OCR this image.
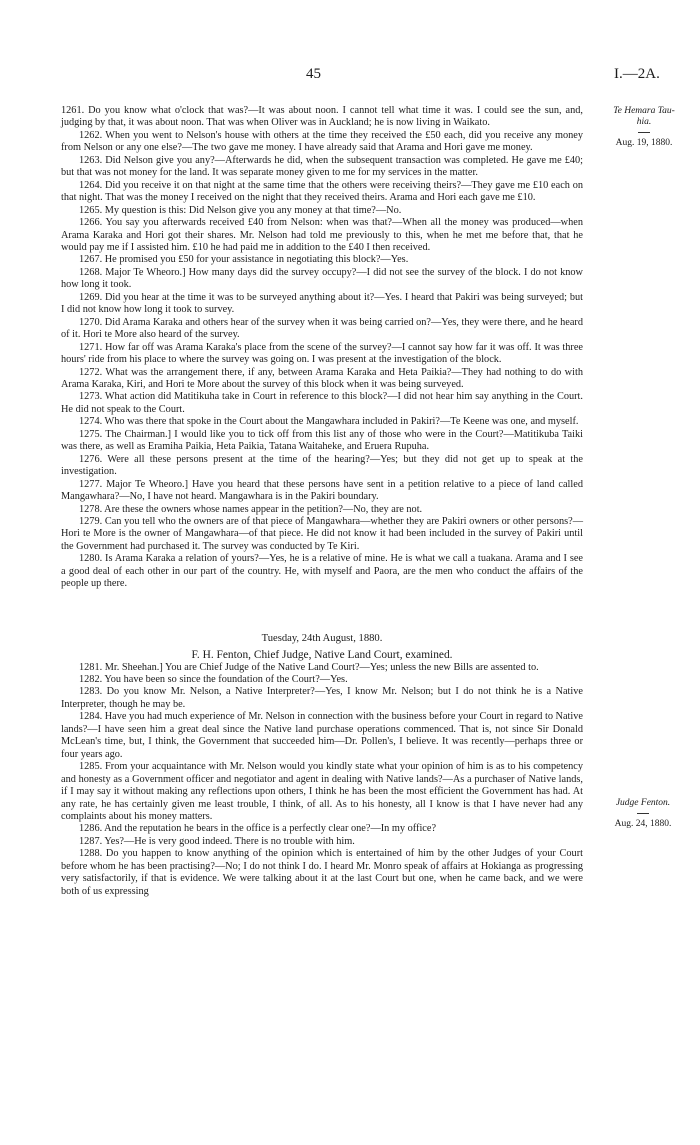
45	I.—2A.
Te Hemara Tau-
hia.
Aug. 19, 1880.
Judge Fenton.
Aug. 24, 1880.

1261. Do you know what o'clock that was?—It was about noon. I cannot tell what time it was. I could see the sun, and, judging by that, it was about noon. That was when Oliver was in Auckland; he is now living in Waikato.

1262. When you went to Nelson's house with others at the time they received the £50 each, did you receive any money from Nelson or any one else?—The two gave me money. I have already said that Arama and Hori gave me money.

1263. Did Nelson give you any?—Afterwards he did, when the subsequent transaction was completed. He gave me £40; but that was not money for the land. It was separate money given to me for my services in the matter.

1264. Did you receive it on that night at the same time that the others were receiving theirs?—They gave me £10 each on that night. That was the money I received on the night that they received theirs. Arama and Hori each gave me £10.

1265. My question is this: Did Nelson give you any money at that time?—No.

1266. You say you afterwards received £40 from Nelson: when was that?—When all the money was produced—when Arama Karaka and Hori got their shares. Mr. Nelson had told me previously to this, when he met me before that, that he would pay me if I assisted him. £10 he had paid me in addition to the £40 I then received.

1267. He promised you £50 for your assistance in negotiating this block?—Yes.

1268. Major Te Wheoro.] How many days did the survey occupy?—I did not see the survey of the block. I do not know how long it took.

1269. Did you hear at the time it was to be surveyed anything about it?—Yes. I heard that Pakiri was being surveyed; but I did not know how long it took to survey.

1270. Did Arama Karaka and others hear of the survey when it was being carried on?—Yes, they were there, and he heard of it. Hori te More also heard of the survey.

1271. How far off was Arama Karaka's place from the scene of the survey?—I cannot say how far it was off. It was three hours' ride from his place to where the survey was going on. I was present at the investigation of the block.

1272. What was the arrangement there, if any, between Arama Karaka and Heta Paikia?—They had nothing to do with Arama Karaka, Kiri, and Hori te More about the survey of this block when it was being surveyed.

1273. What action did Matitikuha take in Court in reference to this block?—I did not hear him say anything in the Court. He did not speak to the Court.

1274. Who was there that spoke in the Court about the Mangawhara included in Pakiri?—Te Keene was one, and myself.

1275. The Chairman.] I would like you to tick off from this list any of those who were in the Court?—Matitikuba Taiki was there, as well as Eramiha Paikia, Heta Paikia, Tatana Waitaheke, and Eruera Rupuha.

1276. Were all these persons present at the time of the hearing?—Yes; but they did not get up to speak at the investigation.

1277. Major Te Wheoro.] Have you heard that these persons have sent in a petition relative to a piece of land called Mangawhara?—No, I have not heard. Mangawhara is in the Pakiri boundary.

1278. Are these the owners whose names appear in the petition?—No, they are not.

1279. Can you tell who the owners are of that piece of Mangawhara—whether they are Pakiri owners or other persons?—Hori te More is the owner of Mangawhara—of that piece. He did not know it had been included in the survey of Pakiri until the Government had purchased it. The survey was conducted by Te Kiri.

1280. Is Arama Karaka a relation of yours?—Yes, he is a relative of mine. He is what we call a tuakana. Arama and I see a good deal of each other in our part of the country. He, with myself and Paora, are the men who conduct the affairs of the people up there.

Tuesday, 24th August, 1880.

F. H. Fenton, Chief Judge, Native Land Court, examined.

1281. Mr. Sheehan.] You are Chief Judge of the Native Land Court?—Yes; unless the new Bills are assented to.

1282. You have been so since the foundation of the Court?—Yes.

1283. Do you know Mr. Nelson, a Native Interpreter?—Yes, I know Mr. Nelson; but I do not think he is a Native Interpreter, though he may be.

1284. Have you had much experience of Mr. Nelson in connection with the business before your Court in regard to Native lands?—I have seen him a great deal since the Native land purchase operations commenced. That is, not since Sir Donald McLean's time, but, I think, the Government that succeeded him—Dr. Pollen's, I believe. It was recently—perhaps three or four years ago.

1285. From your acquaintance with Mr. Nelson would you kindly state what your opinion of him is as to his competency and honesty as a Government officer and negotiator and agent in dealing with Native lands?—As a purchaser of Native lands, if I may say it without making any reflections upon others, I think he has been the most efficient the Government has had. At any rate, he has certainly given me least trouble, I think, of all. As to his honesty, all I know is that I have never had any complaints about his money matters.

1286. And the reputation he bears in the office is a perfectly clear one?—In my office?

1287. Yes?—He is very good indeed. There is no trouble with him.

1288. Do you happen to know anything of the opinion which is entertained of him by the other Judges of your Court before whom he has been practising?—No; I do not think I do. I heard Mr. Monro speak of affairs at Hokianga as progressing very satisfactorily, if that is evidence. We were talking about it at the last Court but one, when he came back, and we were both of us expressing
